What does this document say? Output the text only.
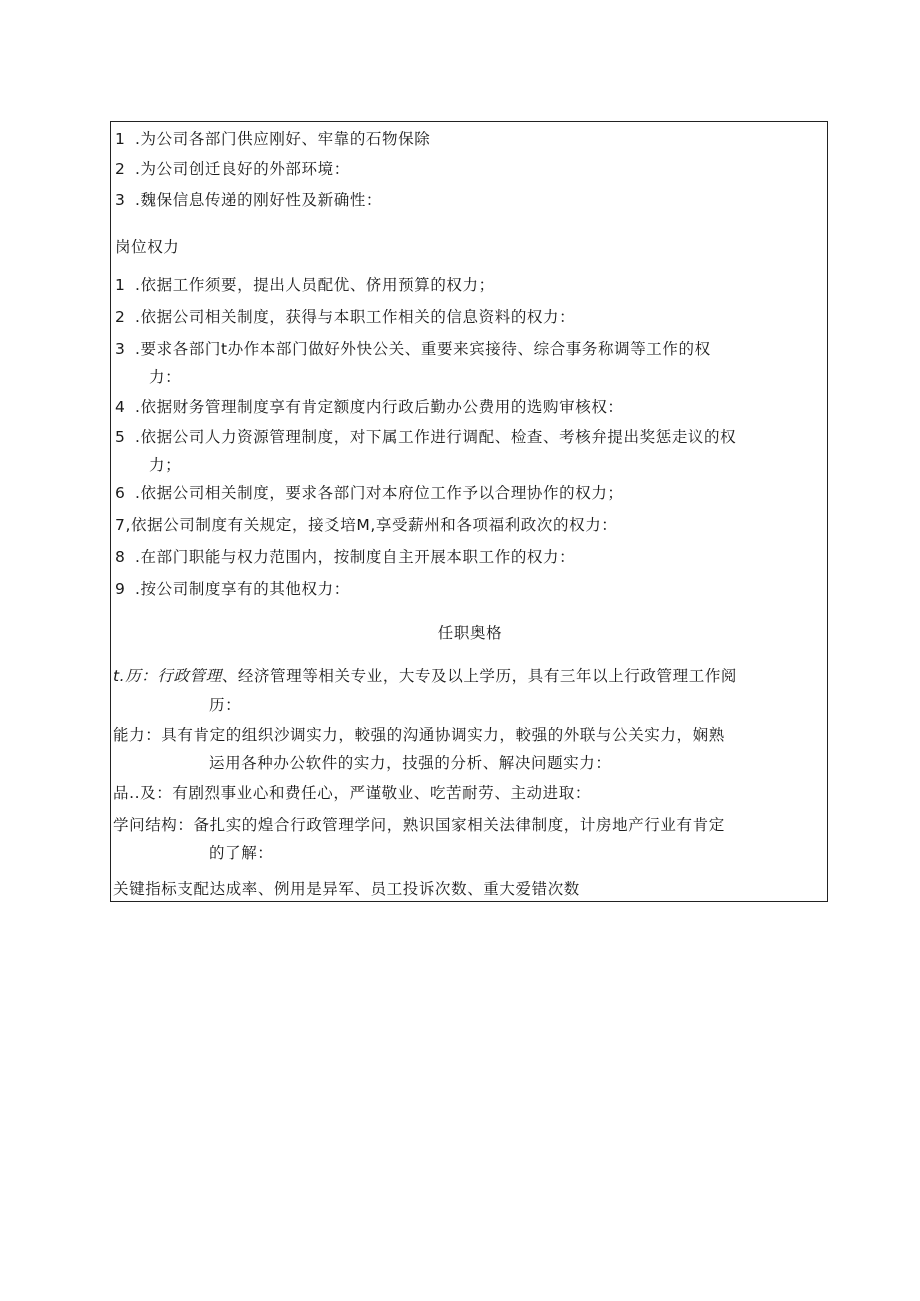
1 .为公司各部门供应刚好、牢靠的石物保除
2 .为公司创迁良好的外部环境：
3 .魏保信息传递的刚好性及新确性：
岗位权力
1 .依据工作须要，提出人员配优、侪用预算的权力；
2 .依据公司相关制度，获得与本职工作相关的信息资料的权力：
3 .要求各部门t办作本部门做好外快公关、重要来宾接待、综合事务称调等工作的权
力：
4 .依据财务管理制度享有肯定额度内行政后勤办公费用的选购审核权：
5 .依据公司人力资源管理制度，对下属工作进行调配、检查、考核弁提出奖惩走议的权
力；
6 .依据公司相关制度，要求各部门对本府位工作予以合理协作的权力；
7,依据公司制度有关规定，接爻培M,享受薪州和各项福利政次的权力：
8 .在部门职能与权力范围内，按制度自主开展本职工作的权力：
9 .按公司制度享有的其他权力：
任职奥格
t.历：行政管理、经济管理等相关专业，大专及以上学历，具有三年以上行政管理工作阅
历：
能力：具有肯定的组织沙调实力，較强的沟通协调实力，較强的外联与公关实力，娴熟
运用各种办公软件的实力，技强的分析、解决问题实力：
品..及：有剧烈事业心和费任心，严谨敬业、吃苦耐劳、主动进取：
学问结构：备扎实的煌合行政管理学问，熟识国家相关法律制度，计房地产行业有肯定
的了解：
关键指标支配达成率、例用是异军、员工投诉次数、重大爱错次数
